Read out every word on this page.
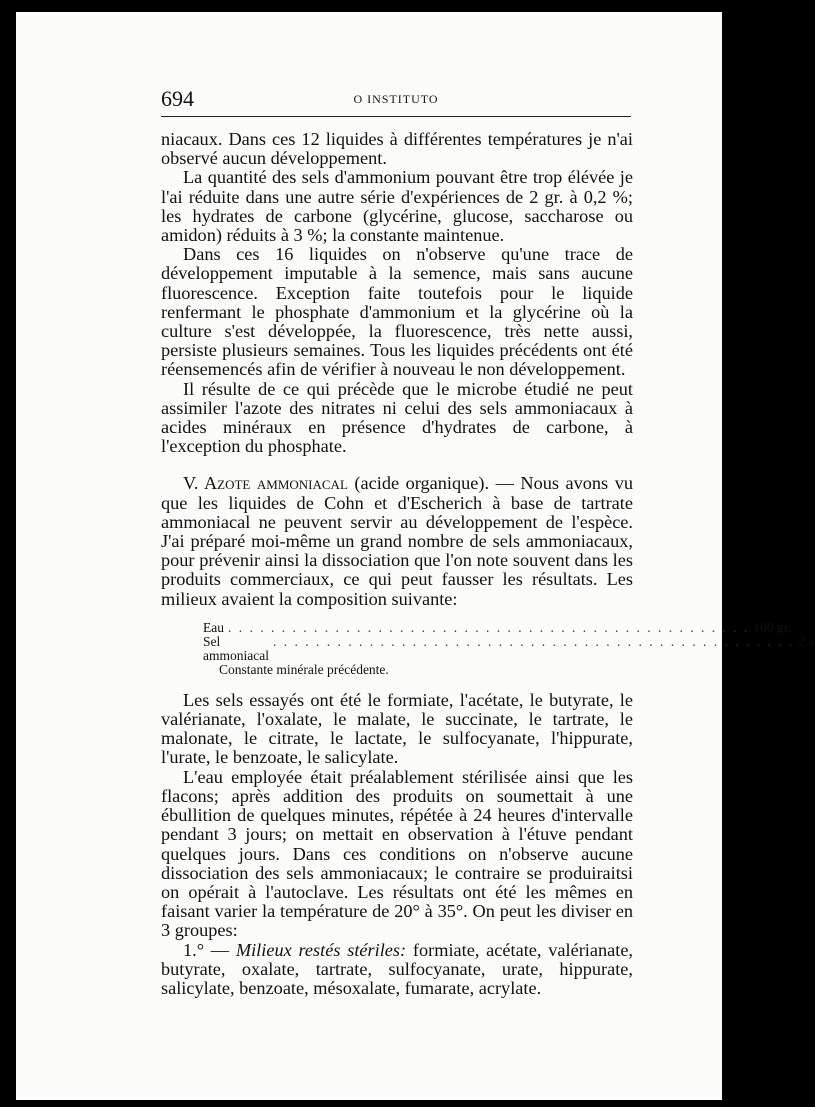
694	O INSTITUTO

niacaux. Dans ces 12 liquides à différentes températures je n'ai observé aucun développement.

La quantité des sels d'ammonium pouvant être trop élévée je l'ai réduite dans une autre série d'expériences de 2 gr. à 0,2 %; les hydrates de carbone (glycérine, glucose, saccharose ou amidon) réduits à 3 %; la constante maintenue.

Dans ces 16 liquides on n'observe qu'une trace de développement imputable à la semence, mais sans aucune fluorescence. Exception faite toutefois pour le liquide renfermant le phosphate d'ammonium et la glycérine où la culture s'est développée, la fluorescence, très nette aussi, persiste plusieurs semaines. Tous les liquides précédents ont été réensemencés afin de vérifier à nouveau le non développement.

Il résulte de ce qui précède que le microbe étudié ne peut assimiler l'azote des nitrates ni celui des sels ammoniacaux à acides minéraux en présence d'hydrates de carbone, à l'exception du phosphate.

V. Azote ammoniacal (acide organique). — Nous avons vu que les liquides de Cohn et d'Escherich à base de tartrate ammoniacal ne peuvent servir au développement de l'espèce. J'ai préparé moi-même un grand nombre de sels ammoniacaux, pour prévenir ainsi la dissociation que l'on note souvent dans les produits commerciaux, ce qui peut fausser les résultats. Les milieux avaient la composition suivante:

Eau . . . . . . . . . . . . . . . . . . . . . . . . . . . . . . . . . . . . . . . . . . . . . . . . . 100 gr.
Sel ammoniacal
. . . . . . . . . . . . . . . . . . . . . . . . . . . . . . . . . . . . . . . . . . . . . . . . . 2 »
Constante minérale précédente.

Les sels essayés ont été le formiate, l'acétate, le butyrate, le valérianate, l'oxalate, le malate, le succinate, le tartrate, le malonate, le citrate, le lactate, le sulfocyanate, l'hippurate, l'urate, le benzoate, le salicylate.

L'eau employée était préalablement stérilisée ainsi que les flacons; après addition des produits on soumettait à une ébullition de quelques minutes, répétée à 24 heures d'intervalle pendant 3 jours; on mettait en observation à l'étuve pendant quelques jours. Dans ces conditions on n'observe aucune dissociation des sels ammoniacaux; le contraire se produiraitsi on opérait à l'autoclave. Les résultats ont été les mêmes en faisant varier la température de 20° à 35°. On peut les diviser en 3 groupes:

1.° — Milieux restés stériles: formiate, acétate, valérianate, butyrate, oxalate, tartrate, sulfocyanate, urate, hippurate, salicylate, benzoate, mésoxalate, fumarate, acrylate.
